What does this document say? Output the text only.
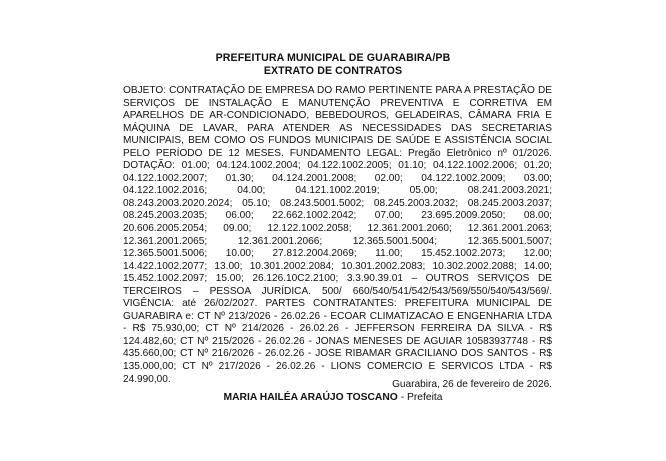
PREFEITURA MUNICIPAL DE GUARABIRA/PB
EXTRATO DE CONTRATOS
OBJETO: CONTRATAÇÃO DE EMPRESA DO RAMO PERTINENTE PARA A PRESTAÇÃO DE SERVIÇOS DE INSTALAÇÃO E MANUTENÇÃO PREVENTIVA E CORRETIVA EM APARELHOS DE AR-CONDICIONADO, BEBEDOUROS, GELADEIRAS, CÂMARA FRIA E MÁQUINA DE LAVAR, PARA ATENDER AS NECESSIDADES DAS SECRETARIAS MUNICIPAIS, BEM COMO OS FUNDOS MUNICIPAIS DE SAÚDE E ASSISTÊNCIA SOCIAL PELO PERÍODO DE 12 MESES. FUNDAMENTO LEGAL: Pregão Eletrônico nº 01/2026. DOTAÇÃO: 01.00; 04.124.1002.2004; 04.122.1002.2005; 01.10; 04.122.1002.2006; 01.20; 04.122.1002.2007; 01.30; 04.124.2001.2008; 02.00; 04.122.1002.2009; 03.00; 04.122.1002.2016; 04.00; 04.121.1002.2019; 05.00; 08.241.2003.2021; 08.243.2003.2020.2024; 05.10; 08.243.5001.5002; 08.245.2003.2032; 08.245.2003.2037; 08.245.2003.2035; 06.00; 22.662.1002.2042; 07.00; 23.695.2009.2050; 08.00; 20.606.2005.2054; 09.00; 12.122.1002.2058; 12.361.2001.2060; 12.361.2001.2063; 12.361.2001.2065; 12.361.2001.2066; 12.365.5001.5004; 12.365.5001.5007; 12.365.5001.5006; 10.00; 27.812.2004.2069; 11.00; 15.452.1002.2073; 12.00; 14.422.1002.2077; 13.00; 10.301.2002.2084; 10.301.2002.2083; 10.302.2002.2088; 14.00; 15.452.1002.2097; 15.00; 26.126.10C2.2100; 3.3.90.39.01 – OUTROS SERVIÇOS DE TERCEIROS – PESSOA JURÍDICA. 500/ 660/540/541/542/543/569/550/540/543/569/. VIGÊNCIA: até 26/02/2027. PARTES CONTRATANTES: PREFEITURA MUNICIPAL DE GUARABIRA e: CT Nº 213/2026 - 26.02.26 - ECOAR CLIMATIZACAO E ENGENHARIA LTDA - R$ 75.930,00; CT Nº 214/2026 - 26.02.26 - JEFFERSON FERREIRA DA SILVA - R$ 124.482,60; CT Nº 215/2026 - 26.02.26 - JONAS MENESES DE AGUIAR 10583937748 - R$ 435.660,00; CT Nº 216/2026 - 26.02.26 - JOSE RIBAMAR GRACILIANO DOS SANTOS - R$ 135.000,00; CT Nº 217/2026 - 26.02.26 - LIONS COMERCIO E SERVICOS LTDA - R$ 24.990,00.	Guarabira, 26 de fevereiro de 2026.
MARIA HAILÉA ARAÚJO TOSCANO - Prefeita
